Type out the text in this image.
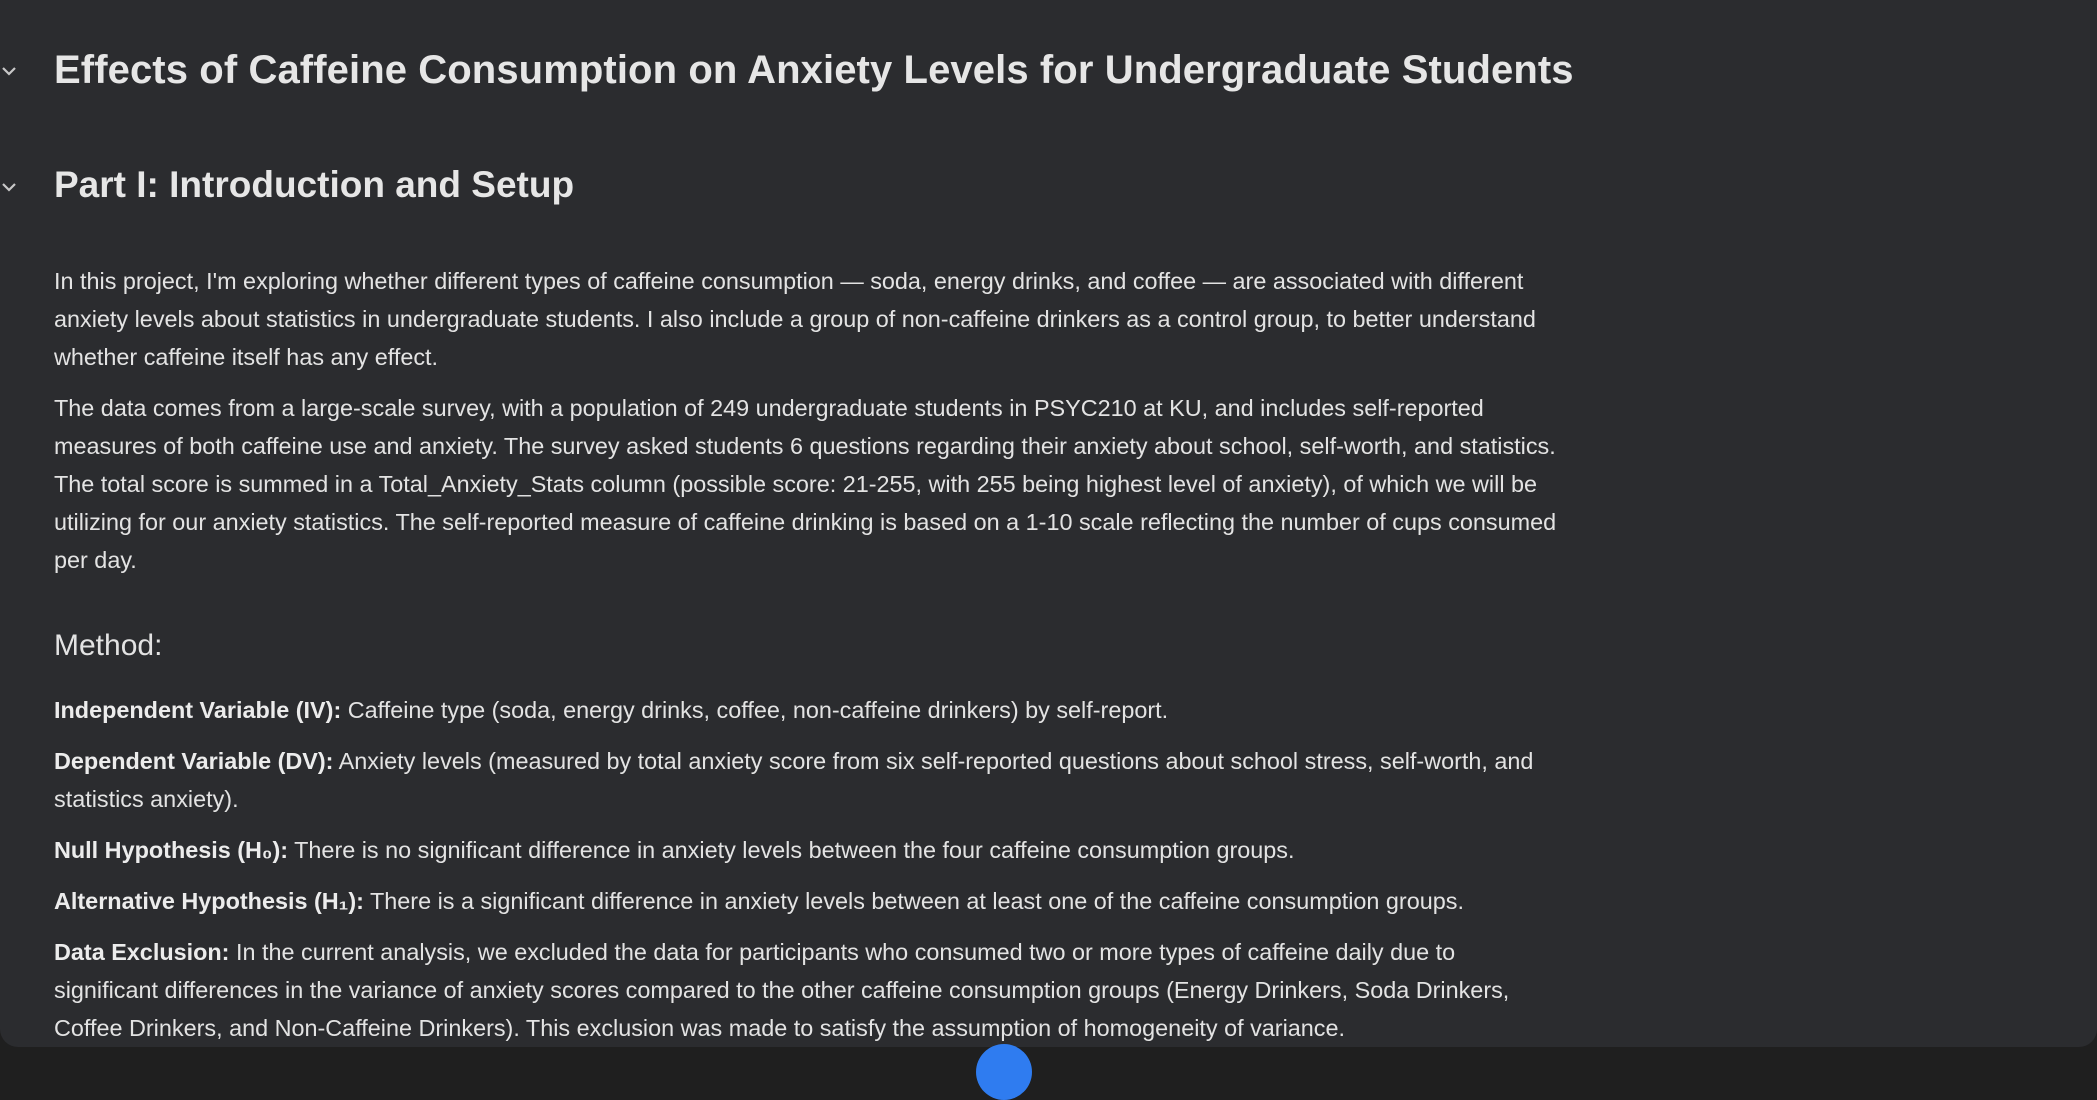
Effects of Caffeine Consumption on Anxiety Levels for Undergraduate Students
Part I: Introduction and Setup

In this project, I'm exploring whether different types of caffeine consumption — soda, energy drinks, and coffee — are associated with different anxiety levels about statistics in undergraduate students. I also include a group of non-caffeine drinkers as a control group, to better understand whether caffeine itself has any effect.

The data comes from a large-scale survey, with a population of 249 undergraduate students in PSYC210 at KU, and includes self-reported measures of both caffeine use and anxiety. The survey asked students 6 questions regarding their anxiety about school, self-worth, and statistics. The total score is summed in a Total_Anxiety_Stats column (possible score: 21-255, with 255 being highest level of anxiety), of which we will be utilizing for our anxiety statistics. The self-reported measure of caffeine drinking is based on a 1-10 scale reflecting the number of cups consumed per day.

Method:

Independent Variable (IV): Caffeine type (soda, energy drinks, coffee, non-caffeine drinkers) by self-report.

Dependent Variable (DV): Anxiety levels (measured by total anxiety score from six self-reported questions about school stress, self-worth, and statistics anxiety).

Null Hypothesis (H₀): There is no significant difference in anxiety levels between the four caffeine consumption groups.

Alternative Hypothesis (H₁): There is a significant difference in anxiety levels between at least one of the caffeine consumption groups.

Data Exclusion: In the current analysis, we excluded the data for participants who consumed two or more types of caffeine daily due to significant differences in the variance of anxiety scores compared to the other caffeine consumption groups (Energy Drinkers, Soda Drinkers, Coffee Drinkers, and Non-Caffeine Drinkers). This exclusion was made to satisfy the assumption of homogeneity of variance.
